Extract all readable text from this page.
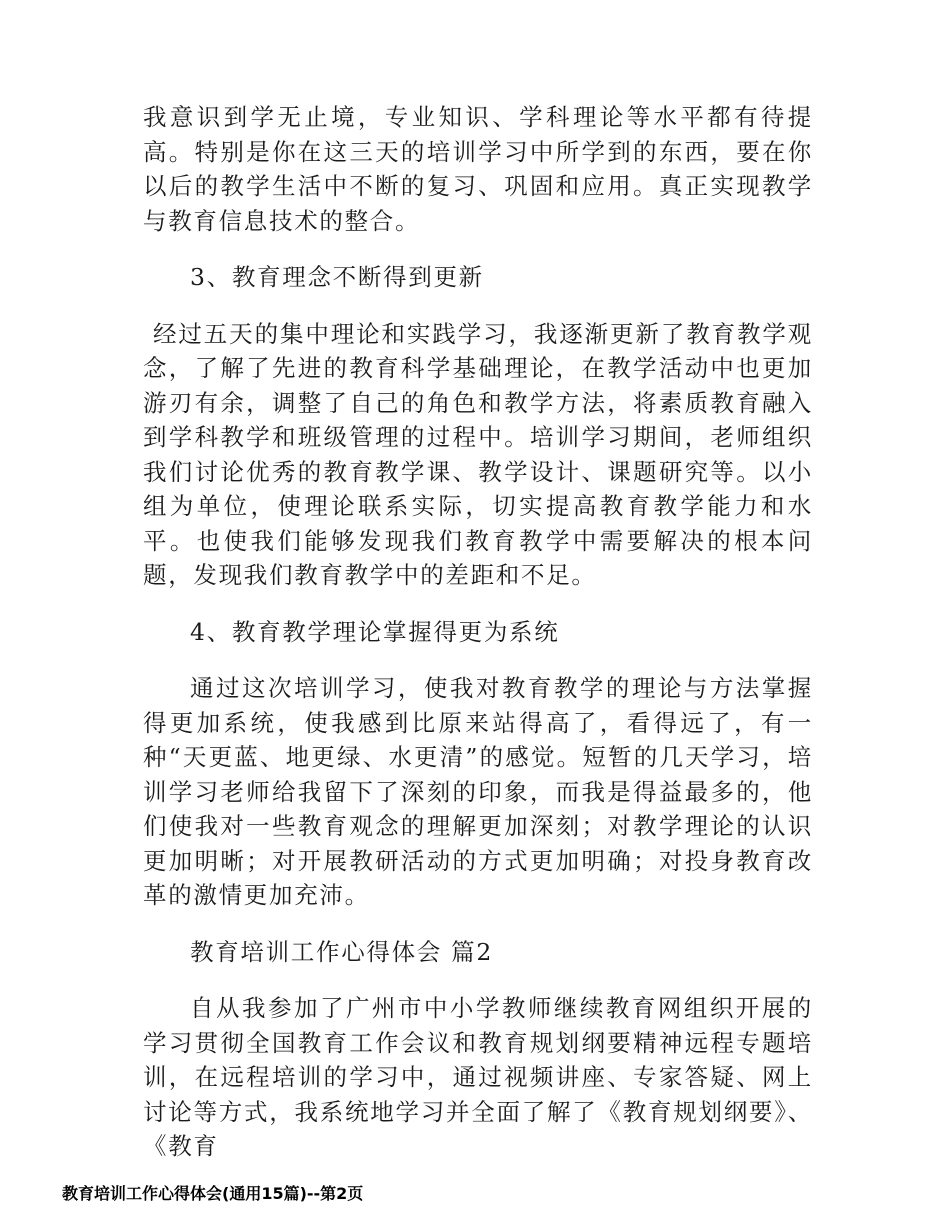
我意识到学无止境，专业知识、学科理论等水平都有待提高。特别是你在这三天的培训学习中所学到的东西，要在你以后的教学生活中不断的复习、巩固和应用。真正实现教学与教育信息技术的整合。

3、教育理念不断得到更新

经过五天的集中理论和实践学习，我逐渐更新了教育教学观念，了解了先进的教育科学基础理论，在教学活动中也更加游刃有余，调整了自己的角色和教学方法，将素质教育融入到学科教学和班级管理的过程中。培训学习期间，老师组织我们讨论优秀的教育教学课、教学设计、课题研究等。以小组为单位，使理论联系实际，切实提高教育教学能力和水平。也使我们能够发现我们教育教学中需要解决的根本问题，发现我们教育教学中的差距和不足。

4、教育教学理论掌握得更为系统

通过这次培训学习，使我对教育教学的理论与方法掌握得更加系统，使我感到比原来站得高了，看得远了，有一种“天更蓝、地更绿、水更清”的感觉。短暂的几天学习，培训学习老师给我留下了深刻的印象，而我是得益最多的，他们使我对一些教育观念的理解更加深刻；对教学理论的认识更加明晰；对开展教研活动的方式更加明确；对投身教育改革的激情更加充沛。

教育培训工作心得体会 篇2

自从我参加了广州市中小学教师继续教育网组织开展的学习贯彻全国教育工作会议和教育规划纲要精神远程专题培训，在远程培训的学习中，通过视频讲座、专家答疑、网上讨论等方式，我系统地学习并全面了解了《教育规划纲要》、《教育

教育培训工作心得体会(通用15篇)--第2页
